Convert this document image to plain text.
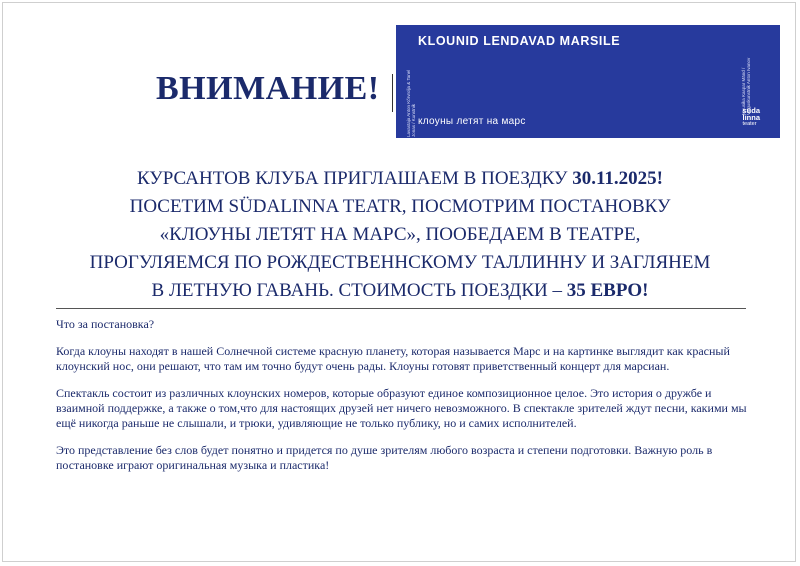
ВНИМАНИЕ!
KLOUNID LENDAVAD MARSILE
Lavastaja Anton Kõrvrolja & Tanel Jonas / Kunstnik
Muusika Kaspar Mänd / Valguskunstnik Anton Ivanov
клоуны летят на марс
süda
linna
teater
КУРСАНТОВ КЛУБА ПРИГЛАШАЕМ В ПОЕЗДКУ 30.11.2025!
ПОСЕТИМ SÜDALINNA TEATR, ПОСМОТРИМ ПОСТАНОВКУ
«КЛОУНЫ ЛЕТЯТ НА МАРС», ПООБЕДАЕМ В ТЕАТРЕ,
ПРОГУЛЯЕМСЯ ПО РОЖДЕСТВЕННСКОМУ ТАЛЛИННУ И ЗАГЛЯНЕМ
В ЛЕТНУЮ ГАВАНЬ. СТОИМОСТЬ ПОЕЗДКИ – 35 ЕВРО!

Что за постановка?

Когда клоуны находят в нашей Солнечной системе красную планету, которая называется Марс и на картинке выглядит как красный клоунский нос, они решают, что там им точно будут очень рады. Клоуны готовят приветственный концерт для марсиан.

Спектакль состоит из различных клоунских номеров, которые образуют единое композиционное целое. Это история о дружбе и взаимной поддержке, а также о том,что для настоящих друзей нет ничего невозможного. В спектакле зрителей ждут песни, какими мы ещё никогда раньше не слышали, и трюки, удивляющие не только публику, но и самих исполнителей.

Это представление без слов будет понятно и придется по душе зрителям любого возраста и степени подготовки. Важную роль в постановке играют оригинальная музыка и пластика!
